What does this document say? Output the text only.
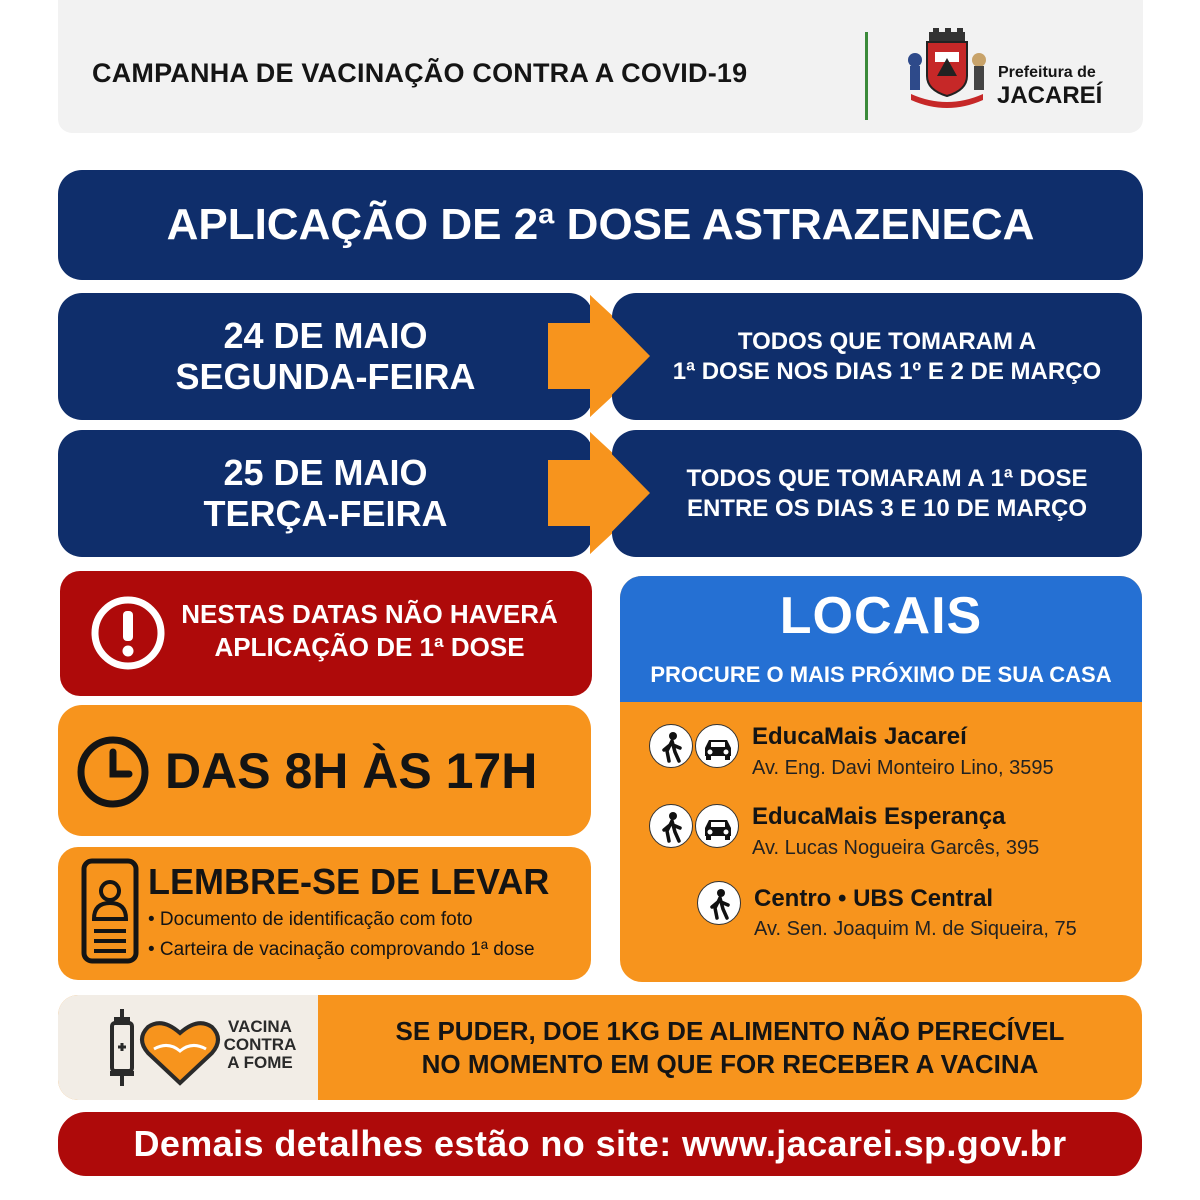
CAMPANHA DE VACINAÇÃO CONTRA A COVID-19	Prefeitura de
JACAREÍ
APLICAÇÃO DE 2ª DOSE ASTRAZENECA
24 DE MAIO
SEGUNDA-FEIRA
TODOS QUE TOMARAM A
1ª DOSE NOS DIAS 1º E 2 DE MARÇO
25 DE MAIO
TERÇA-FEIRA
TODOS QUE TOMARAM A 1ª DOSE
ENTRE OS DIAS 3 E 10 DE MARÇO
NESTAS DATAS NÃO HAVERÁ
APLICAÇÃO DE 1ª DOSE
DAS 8H ÀS 17H
LEMBRE-SE DE LEVAR
• Documento de identificação com foto
• Carteira de vacinação comprovando 1ª dose
LOCAIS
PROCURE O MAIS PRÓXIMO DE SUA CASA
EducaMais Jacareí
Av. Eng. Davi Monteiro Lino, 3595
EducaMais Esperança
Av. Lucas Nogueira Garcês, 395
Centro • UBS Central
Av. Sen. Joaquim M. de Siqueira, 75
VACINA
CONTRA
A FOME
SE PUDER, DOE 1KG DE ALIMENTO NÃO PERECÍVEL
NO MOMENTO EM QUE FOR RECEBER A VACINA
Demais detalhes estão no site: www.jacarei.sp.gov.br
